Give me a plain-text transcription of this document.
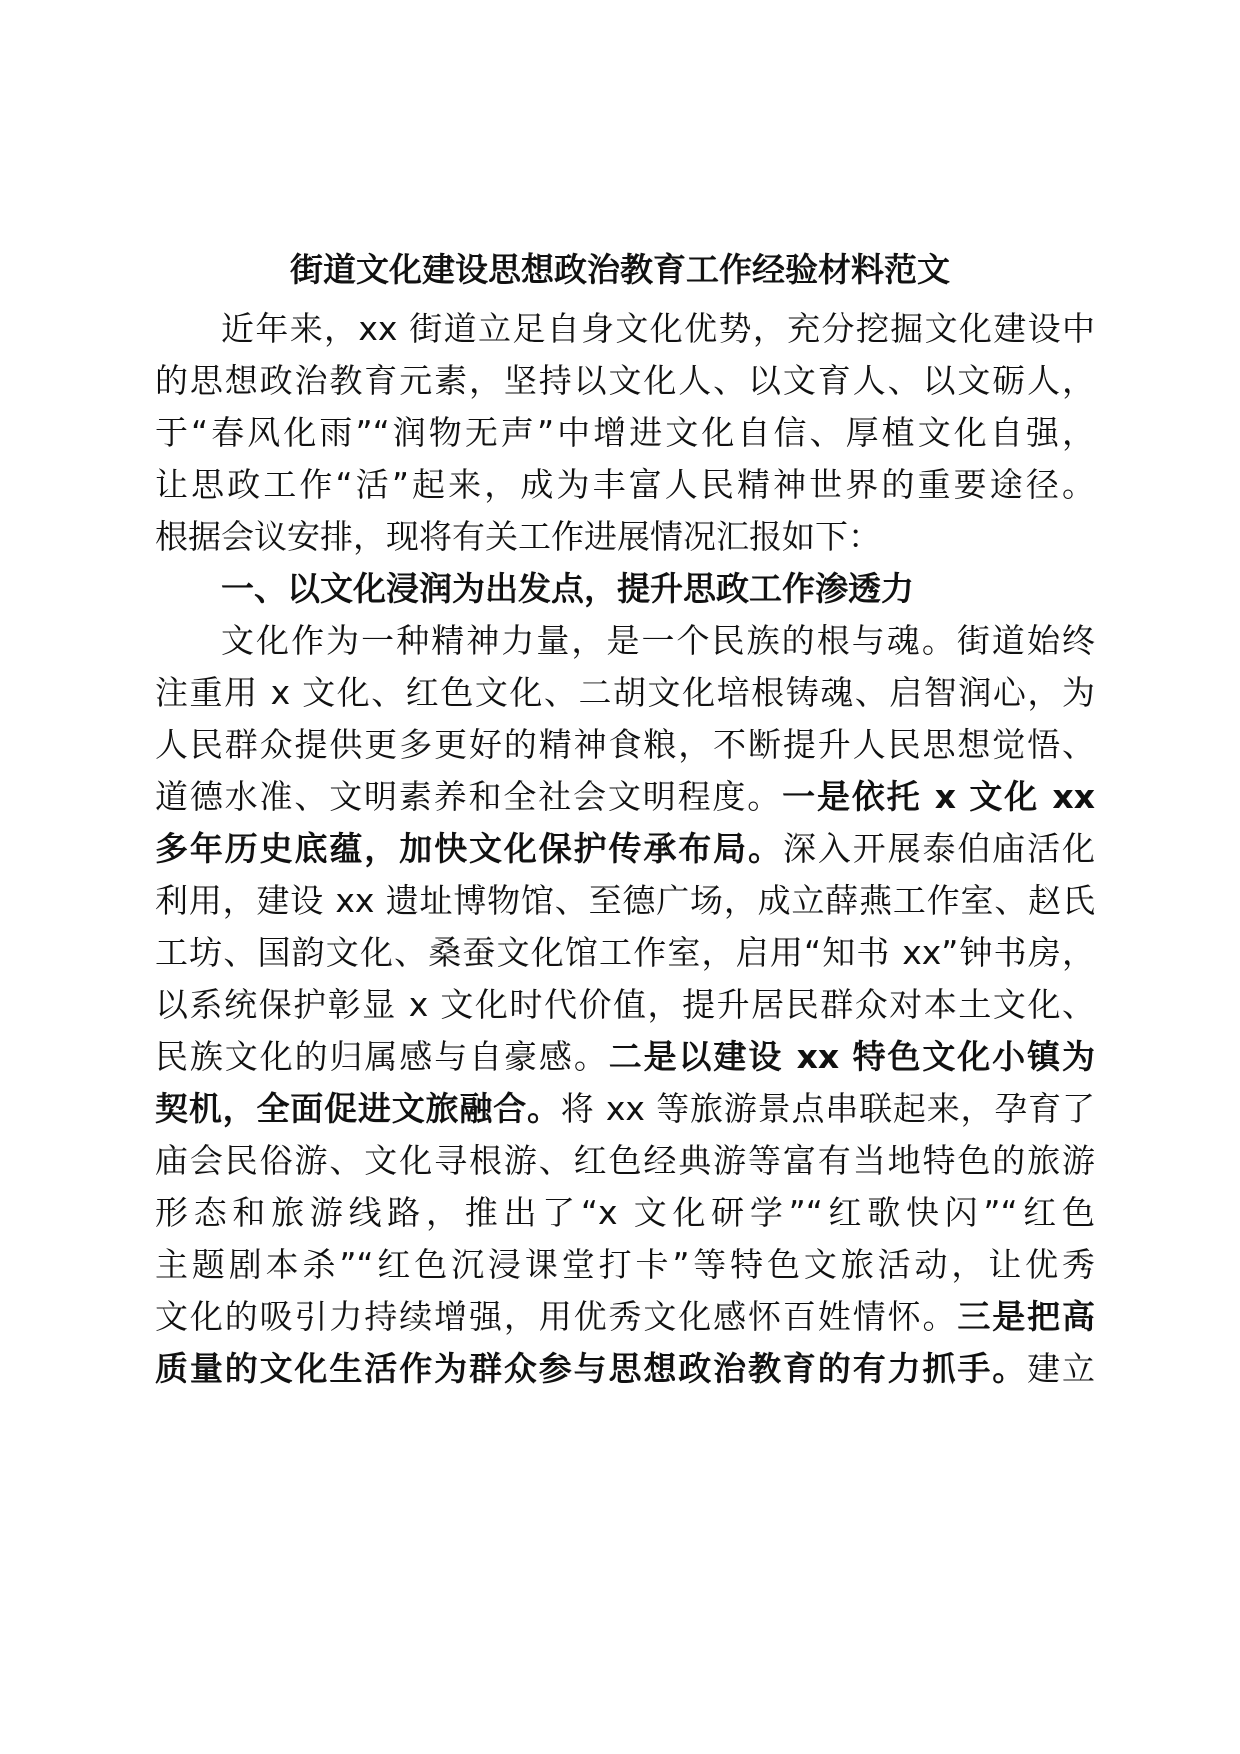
街道文化建设思想政治教育工作经验材料范文
近年来，xx 街道立足自身文化优势，充分挖掘文化建设中
的思想政治教育元素，坚持以文化人、以文育人、以文砺人，
于“春风化雨”“润物无声”中增进文化自信、厚植文化自强，
让思政工作“活”起来，成为丰富人民精神世界的重要途径。
根据会议安排，现将有关工作进展情况汇报如下：
一、以文化浸润为出发点，提升思政工作渗透力
文化作为一种精神力量，是一个民族的根与魂。街道始终
注重用 x 文化、红色文化、二胡文化培根铸魂、启智润心，为
人民群众提供更多更好的精神食粮，不断提升人民思想觉悟、
道德水准、文明素养和全社会文明程度。一是依托 x 文化 xx
多年历史底蕴，加快文化保护传承布局。深入开展泰伯庙活化
利用，建设 xx 遗址博物馆、至德广场，成立薛燕工作室、赵氏
工坊、国韵文化、桑蚕文化馆工作室，启用“知书 xx”钟书房，
以系统保护彰显 x 文化时代价值，提升居民群众对本土文化、
民族文化的归属感与自豪感。二是以建设 xx 特色文化小镇为
契机，全面促进文旅融合。将 xx 等旅游景点串联起来，孕育了
庙会民俗游、文化寻根游、红色经典游等富有当地特色的旅游
形态和旅游线路，推出了“x 文化研学”“红歌快闪”“红色
主题剧本杀”“红色沉浸课堂打卡”等特色文旅活动，让优秀
文化的吸引力持续增强，用优秀文化感怀百姓情怀。三是把高
质量的文化生活作为群众参与思想政治教育的有力抓手。建立
